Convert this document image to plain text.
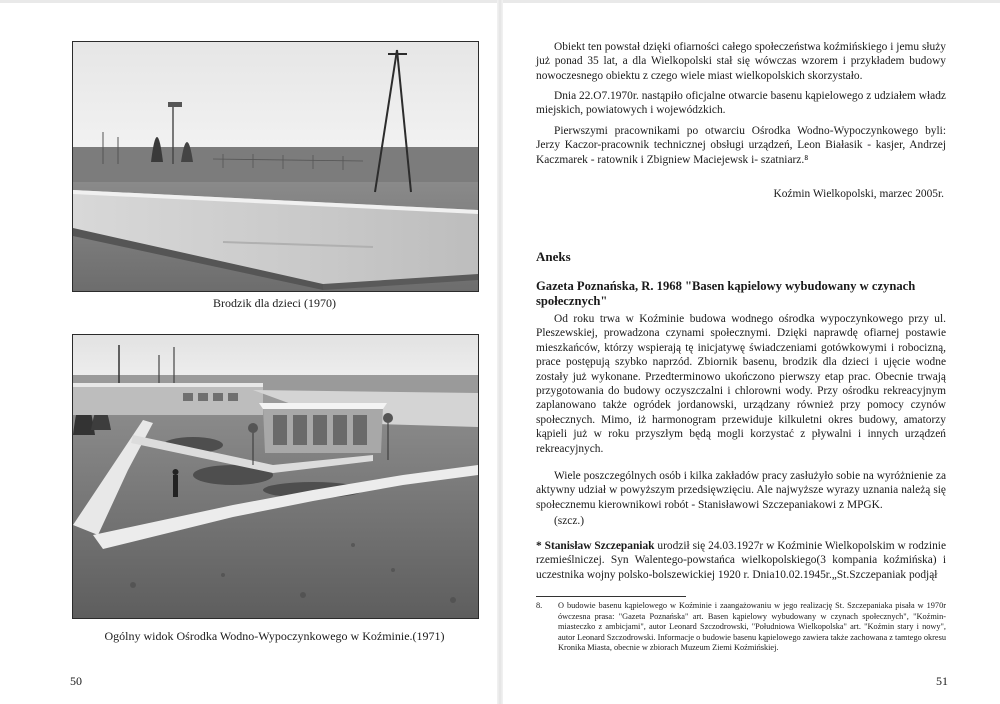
Brodzik dla dzieci (1970)
Ogólny widok Ośrodka Wodno-Wypoczynkowego w Koźminie.(1971)
50

Obiekt ten powstał dzięki ofiarności całego społeczeństwa koźmińskiego i jemu służy już ponad 35 lat, a dla Wielkopolski stał się wówczas wzorem i przykładem budowy nowoczesnego obiektu z czego wiele miast wielkopolskich skorzystało.

Dnia 22.O7.1970r. nastąpiło oficjalne otwarcie basenu kąpielowego z udziałem władz miejskich, powiatowych i wojewódzkich.

Pierwszymi pracownikami po otwarciu Ośrodka Wodno-Wypoczynkowego byli: Jerzy Kaczor-pracownik technicznej obsługi urządzeń, Leon Białasik - kasjer, Andrzej Kaczmarek - ratownik i Zbigniew Maciejewsk i- szatniarz.⁸

Koźmin Wielkopolski, marzec 2005r.
Aneks

Gazeta Poznańska, R. 1968 "Basen kąpielowy wybudowany w czynach społecznych"

Od roku trwa w Koźminie budowa wodnego ośrodka wypoczynkowego przy ul. Pleszewskiej, prowadzona czynami społecznymi. Dzięki naprawdę ofiarnej postawie mieszkańców, którzy wspierają tę inicjatywę świadczeniami gotówkowymi i robocizną, prace postępują szybko naprzód. Zbiornik basenu, brodzik dla dzieci i ujęcie wodne zostały już wykonane. Przedterminowo ukończono pierwszy etap prac. Obecnie trwają przygotowania do budowy oczyszczalni i chlorowni wody. Przy ośrodku rekreacyjnym zaplanowano także ogródek jordanowski, urządzany również przy pomocy czynów społecznych. Mimo, iż harmonogram przewiduje kilkuletni okres budowy, amatorzy kąpieli już w roku przyszłym będą mogli korzystać z pływalni i innych urządzeń rekreacyjnych.

Wiele poszczególnych osób i kilka zakładów pracy zasłużyło sobie na wyróżnienie za aktywny udział w powyższym przedsięwzięciu. Ale najwyższe wyrazy uznania należą się społecznemu kierownikowi robót - Stanisławowi Szczepaniakowi z MPGK.

(szcz.)

* Stanisław Szczepaniak urodził się 24.03.1927r w Koźminie Wielkopolskim w rodzinie rzemieślniczej. Syn Walentego-powstańca wielkopolskiego(3 kompania koźmińska) i uczestnika wojny polsko-bolszewickiej 1920 r. Dnia10.02.1945r.„St.Szczepaniak podjął

8.	O budowie basenu kąpielowego w Koźminie i zaangażowaniu w jego realizację St. Szczepaniaka pisała w 1970r ówczesna prasa: "Gazeta Poznańska" art. Basen kąpielowy wybudowany w czynach społecznych", "Koźmin-miasteczko z ambicjami", autor Leonard Szczodrowski, "Południowa Wielkopolska" art. "Koźmin stary i nowy", autor Leonard Szczodrowski. Informacje o budowie basenu kąpielowego zawiera także zachowana z tamtego okresu Kronika Miasta, obecnie w zbiorach Muzeum Ziemi Koźmińskiej.
51
